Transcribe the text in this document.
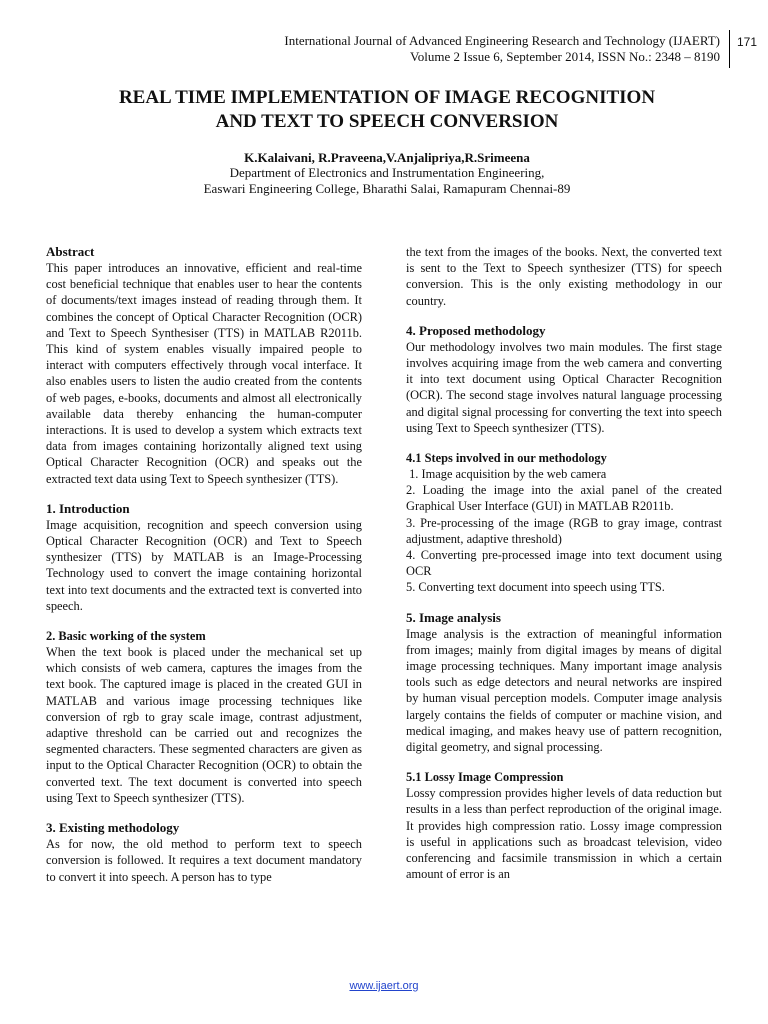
International Journal of Advanced Engineering Research and Technology (IJAERT)
Volume 2 Issue 6, September 2014, ISSN No.: 2348 – 8190
171
REAL TIME IMPLEMENTATION OF IMAGE RECOGNITION
AND TEXT TO SPEECH CONVERSION
K.Kalaivani, R.Praveena,V.Anjalipriya,R.Srimeena
Department of Electronics and Instrumentation Engineering,
Easwari Engineering College, Bharathi Salai, Ramapuram Chennai-89
Abstract

This paper introduces an innovative, efficient and real-time cost beneficial technique that enables user to hear the contents of documents/text images instead of reading through them. It combines the concept of Optical Character Recognition (OCR) and Text to Speech Synthesiser (TTS) in MATLAB R2011b. This kind of system enables visually impaired people to interact with computers effectively through vocal interface. It also enables users to listen the audio created from the contents of web pages, e-books, documents and almost all electronically available data thereby enhancing the human-computer interactions. It is used to develop a system which extracts text data from images containing horizontally aligned text using Optical Character Recognition (OCR) and speaks out the extracted text data using Text to Speech synthesizer (TTS).

1. Introduction

Image acquisition, recognition and speech conversion using Optical Character Recognition (OCR) and Text to Speech synthesizer (TTS) by MATLAB is an Image-Processing Technology used to convert the image containing horizontal text into text documents and the extracted text is converted into speech.

2. Basic working of the system

When the text book is placed under the mechanical set up which consists of web camera, captures the images from the text book. The captured image is placed in the created GUI in MATLAB and various image processing techniques like conversion of rgb to gray scale image, contrast adjustment, adaptive threshold can be carried out and recognizes the segmented characters. These segmented characters are given as input to the Optical Character Recognition (OCR) to obtain the converted text. The text document is converted into speech using Text to Speech synthesizer (TTS).

3. Existing methodology

As for now, the old method to perform text to speech conversion is followed. It requires a text document mandatory to convert it into speech. A person has to type

the text from the images of the books. Next, the converted text is sent to the Text to Speech synthesizer (TTS) for speech conversion. This is the only existing methodology in our country.

4. Proposed methodology

Our methodology involves two main modules. The first stage involves acquiring image from the web camera and converting it into text document using Optical Character Recognition (OCR). The second stage involves natural language processing and digital signal processing for converting the text into speech using Text to Speech synthesizer (TTS).

4.1 Steps involved in our methodology

1. Image acquisition by the web camera

2. Loading the image into the axial panel of the created Graphical User Interface (GUI) in MATLAB R2011b.

3. Pre-processing of the image (RGB to gray image, contrast adjustment, adaptive threshold)

4. Converting pre-processed image into text document using OCR

5. Converting text document into speech using TTS.

5. Image analysis

Image analysis is the extraction of meaningful information from images; mainly from digital images by means of digital image processing techniques. Many important image analysis tools such as edge detectors and neural networks are inspired by human visual perception models. Computer image analysis largely contains the fields of computer or machine vision, and medical imaging, and makes heavy use of pattern recognition, digital geometry, and signal processing.

5.1 Lossy Image Compression

Lossy compression provides higher levels of data reduction but results in a less than perfect reproduction of the original image. It provides high compression ratio. Lossy image compression is useful in applications such as broadcast television, video conferencing and facsimile transmission in which a certain amount of error is an

www.ijaert.org
